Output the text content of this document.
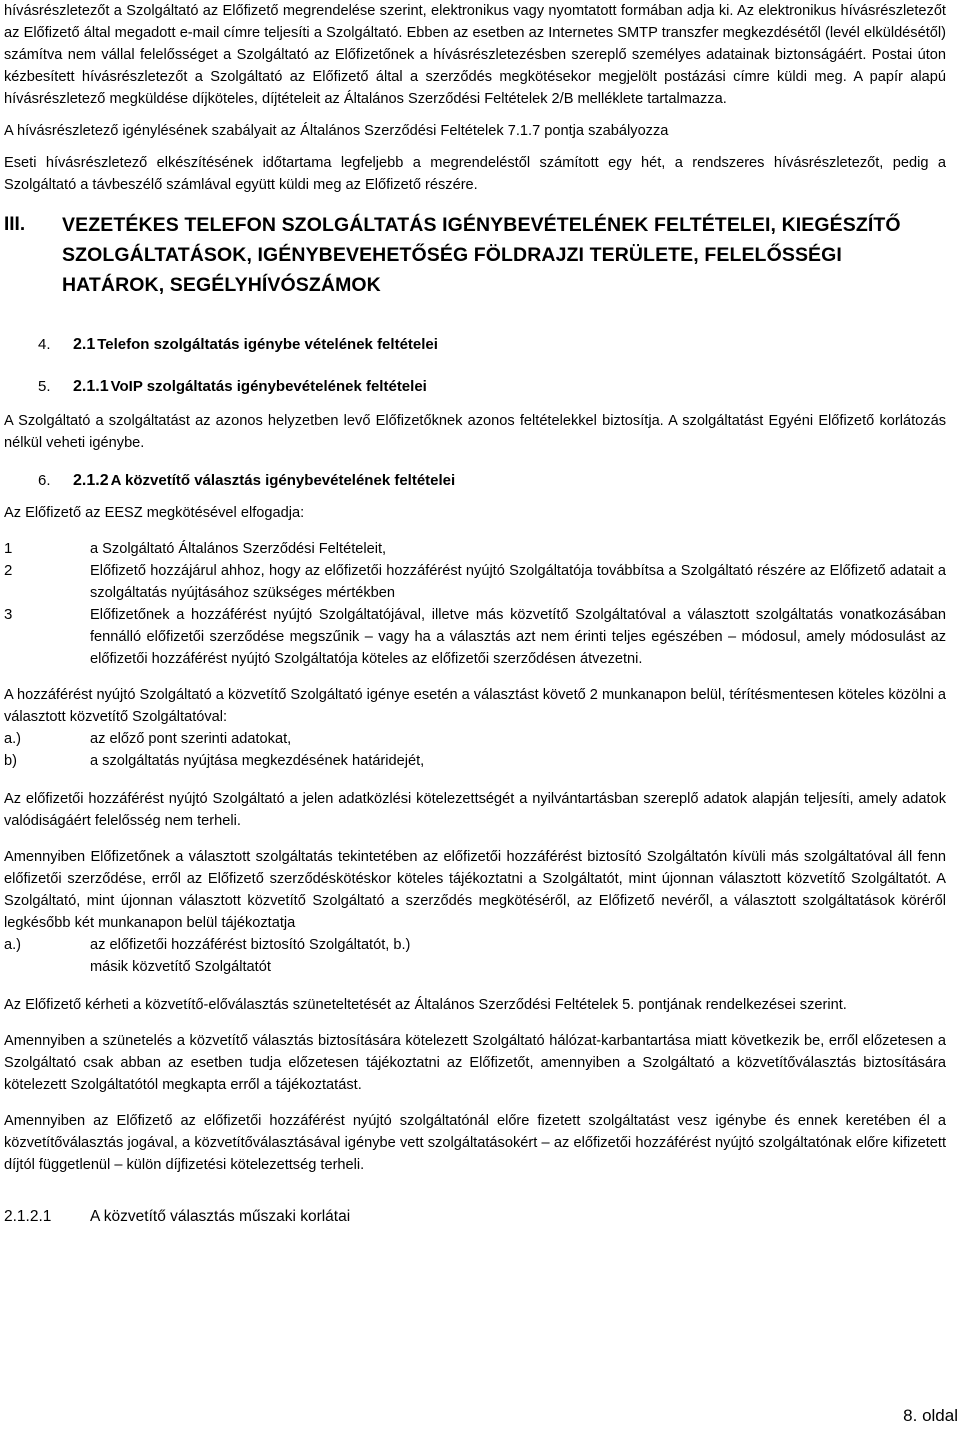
hívásrészletezőt a Szolgáltató az Előfizető megrendelése szerint, elektronikus vagy nyomtatott formában adja ki. Az elektronikus hívásrészletezőt az Előfizető által megadott e-mail címre teljesíti a Szolgáltató. Ebben az esetben az Internetes SMTP transzfer megkezdésétől (levél elküldésétől) számítva nem vállal felelősséget a Szolgáltató az Előfizetőnek a hívásrészletezésben szereplő személyes adatainak biztonságáért. Postai úton kézbesített hívásrészletezőt a Szolgáltató az Előfizető által a szerződés megkötésekor megjelölt postázási címre küldi meg. A papír alapú hívásrészletező megküldése díjköteles, díjtételeit az Általános Szerződési Feltételek 2/B melléklete tartalmazza.

A hívásrészletező igénylésének szabályait az Általános Szerződési Feltételek 7.1.7 pontja szabályozza

Eseti hívásrészletező elkészítésének időtartama legfeljebb a megrendeléstől számított egy hét, a rendszeres hívásrészletezőt, pedig a Szolgáltató a távbeszélő számlával együtt küldi meg az Előfizető részére.

III.	VEZETÉKES TELEFON SZOLGÁLTATÁS IGÉNYBEVÉTELÉNEK FELTÉTELEI, KIEGÉSZÍTŐ SZOLGÁLTATÁSOK, IGÉNYBEVEHETŐSÉG FÖLDRAJZI TERÜLETE, FELELŐSSÉGI HATÁROK, SEGÉLYHÍVÓSZÁMOK
4.	2.1 Telefon szolgáltatás igénybe vételének feltételei
5.	2.1.1 VoIP szolgáltatás igénybevételének feltételei

A Szolgáltató a szolgáltatást az azonos helyzetben levő Előfizetőknek azonos feltételekkel biztosítja. A szolgáltatást Egyéni Előfizető korlátozás nélkül veheti igénybe.

6.	2.1.2 A közvetítő választás igénybevételének feltételei

Az Előfizető az EESZ megkötésével elfogadja:

1	a Szolgáltató Általános Szerződési Feltételeit,
2	Előfizető hozzájárul ahhoz, hogy az előfizetői hozzáférést nyújtó Szolgáltatója továbbítsa a Szolgáltató részére az Előfizető adatait a szolgáltatás nyújtásához szükséges mértékben
3	Előfizetőnek a hozzáférést nyújtó Szolgáltatójával, illetve más közvetítő Szolgáltatóval a választott szolgáltatás vonatkozásában fennálló előfizetői szerződése megszűnik – vagy ha a választás azt nem érinti teljes egészében – módosul, amely módosulást az előfizetői hozzáférést nyújtó Szolgáltatója köteles az előfizetői szerződésen átvezetni.

A hozzáférést nyújtó Szolgáltató a közvetítő Szolgáltató igénye esetén a választást követő 2 munkanapon belül, térítésmentesen köteles közölni a választott közvetítő Szolgáltatóval:

a.)	az előző pont szerinti adatokat,
b)	a szolgáltatás nyújtása megkezdésének határidejét,

Az előfizetői hozzáférést nyújtó Szolgáltató a jelen adatközlési kötelezettségét a nyilvántartásban szereplő adatok alapján teljesíti, amely adatok valódiságáért felelősség nem terheli.

Amennyiben Előfizetőnek a választott szolgáltatás tekintetében az előfizetői hozzáférést biztosító Szolgáltatón kívüli más szolgáltatóval áll fenn előfizetői szerződése, erről az Előfizető szerződéskötéskor köteles tájékoztatni a Szolgáltatót, mint újonnan választott közvetítő Szolgáltatót. A Szolgáltató, mint újonnan választott közvetítő Szolgáltató a szerződés megkötéséről, az Előfizető nevéről, a választott szolgáltatások köréről legkésőbb két munkanapon belül tájékoztatja

a.)	az előfizetői hozzáférést biztosító Szolgáltatót, b.)
másik közvetítő Szolgáltatót

Az Előfizető kérheti a közvetítő-előválasztás szüneteltetését az Általános Szerződési Feltételek 5. pontjának rendelkezései szerint.

Amennyiben a szünetelés a közvetítő választás biztosítására kötelezett Szolgáltató hálózat-karbantartása miatt következik be, erről előzetesen a Szolgáltató csak abban az esetben tudja előzetesen tájékoztatni az Előfizetőt, amennyiben a Szolgáltató a közvetítőválasztás biztosítására kötelezett Szolgáltatótól megkapta erről a tájékoztatást.

Amennyiben az Előfizető az előfizetői hozzáférést nyújtó szolgáltatónál előre fizetett szolgáltatást vesz igénybe és ennek keretében él a közvetítőválasztás jogával, a közvetítőválasztásával igénybe vett szolgáltatásokért – az előfizetői hozzáférést nyújtó szolgáltatónak előre kifizetett díjtól függetlenül – külön díjfizetési kötelezettség terheli.

2.1.2.1	A közvetítő választás műszaki korlátai
8. oldal
